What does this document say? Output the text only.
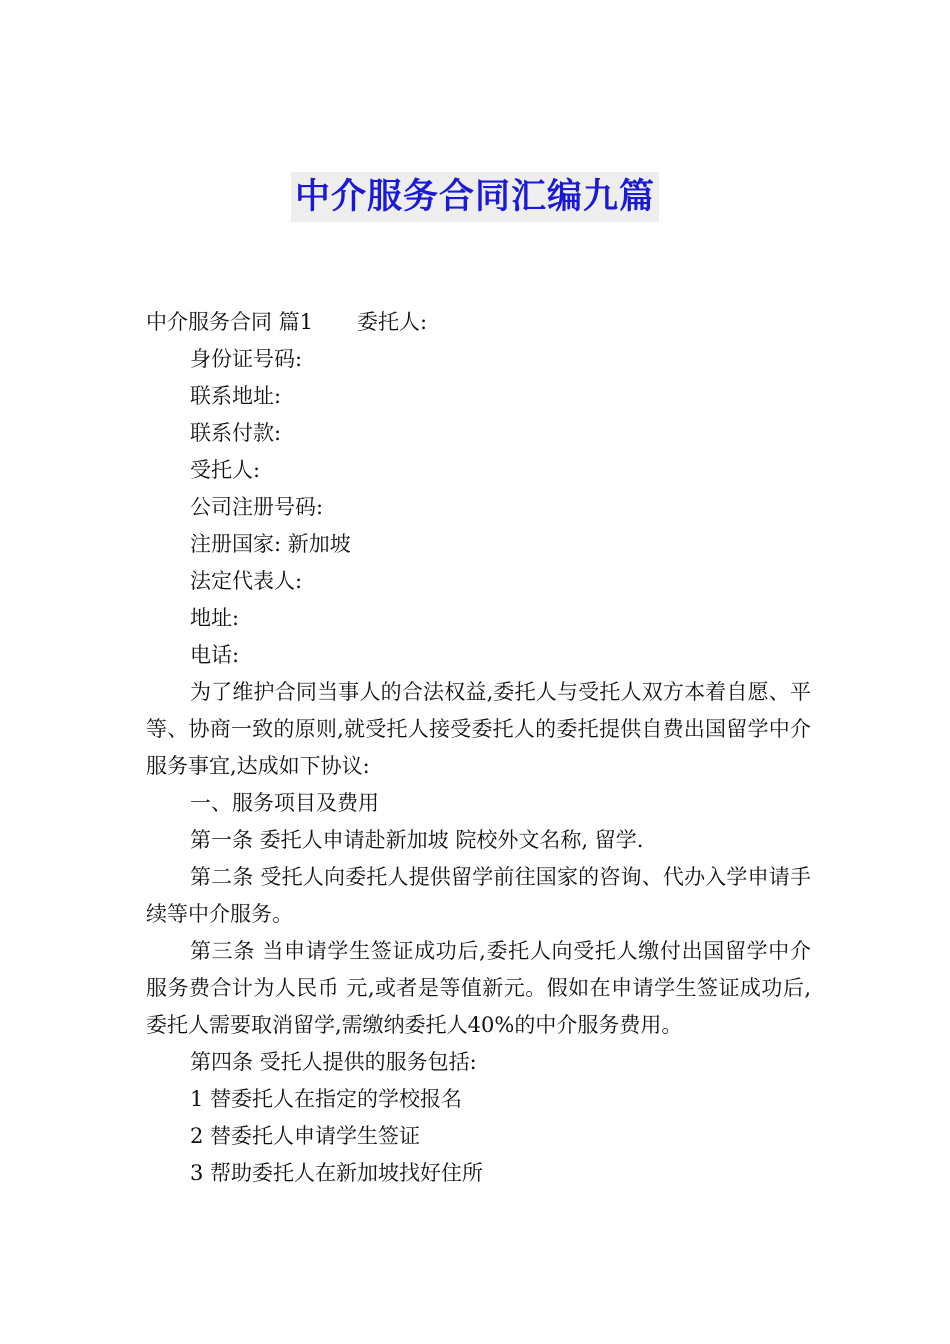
中介服务合同汇编九篇

中介服务合同 篇1 委托人:

身份证号码:

联系地址:

联系付款:

受托人:

公司注册号码:

注册国家: 新加坡

法定代表人:

地址:

电话:

为了维护合同当事人的合法权益,委托人与受托人双方本着自愿、平等、协商一致的原则,就受托人接受委托人的委托提供自费出国留学中介服务事宜,达成如下协议:

一、服务项目及费用

第一条 委托人申请赴新加坡 院校外文名称, 留学.

第二条 受托人向委托人提供留学前往国家的咨询、代办入学申请手续等中介服务。

第三条 当申请学生签证成功后,委托人向受托人缴付出国留学中介服务费合计为人民币 元,或者是等值新元。假如在申请学生签证成功后,委托人需要取消留学,需缴纳委托人40%的中介服务费用。

第四条 受托人提供的服务包括:

1 替委托人在指定的学校报名

2 替委托人申请学生签证

3 帮助委托人在新加坡找好住所
